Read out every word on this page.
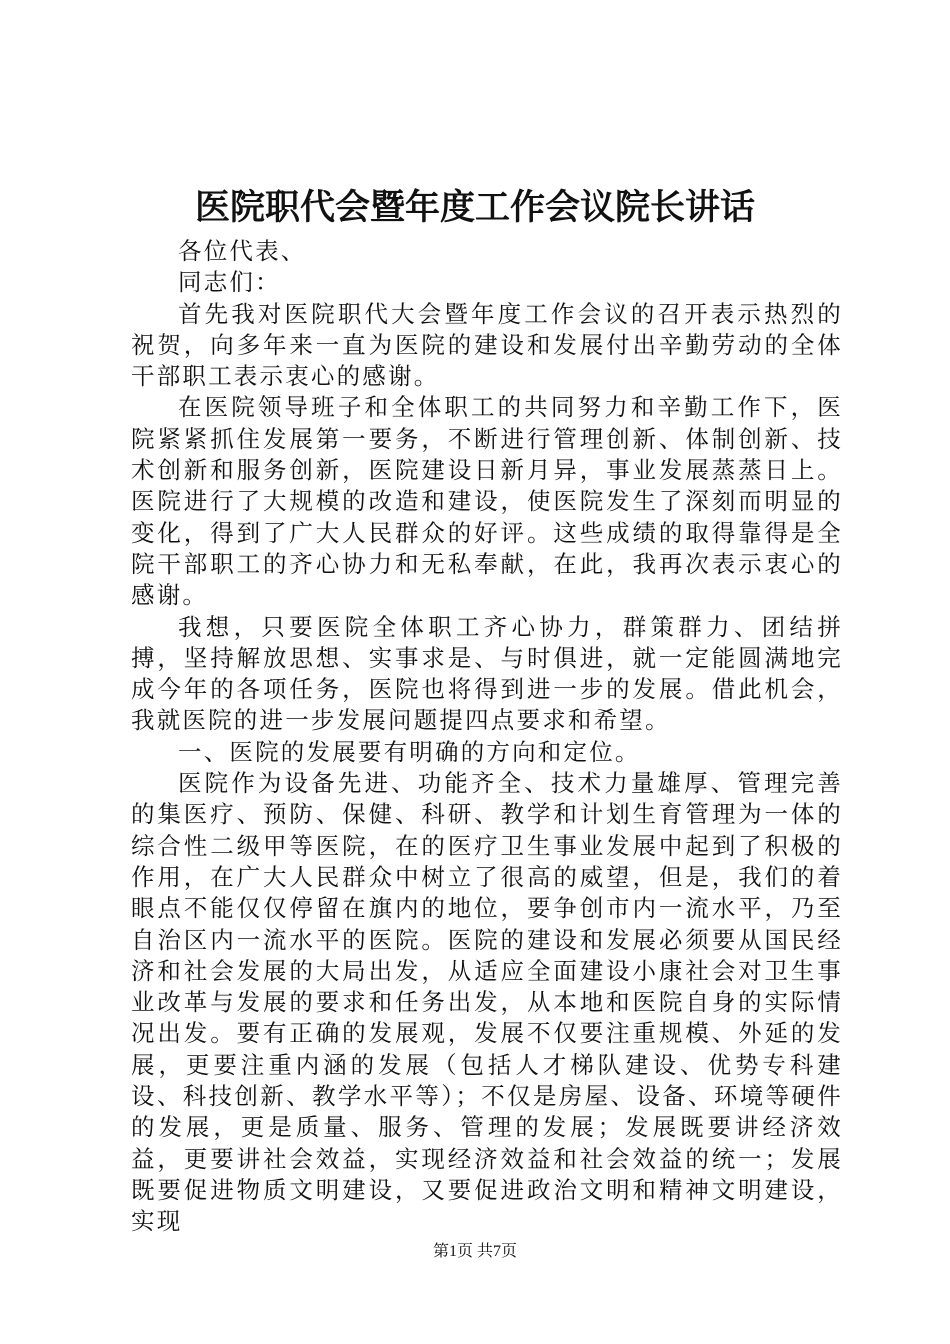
医院职代会暨年度工作会议院长讲话

各位代表、

同志们：

首先我对医院职代大会暨年度工作会议的召开表示热烈的祝贺，向多年来一直为医院的建设和发展付出辛勤劳动的全体干部职工表示衷心的感谢。

在医院领导班子和全体职工的共同努力和辛勤工作下，医院紧紧抓住发展第一要务，不断进行管理创新、体制创新、技术创新和服务创新，医院建设日新月异，事业发展蒸蒸日上。医院进行了大规模的改造和建设，使医院发生了深刻而明显的变化，得到了广大人民群众的好评。这些成绩的取得靠得是全院干部职工的齐心协力和无私奉献，在此，我再次表示衷心的感谢。

我想，只要医院全体职工齐心协力，群策群力、团结拼搏，坚持解放思想、实事求是、与时俱进，就一定能圆满地完成今年的各项任务，医院也将得到进一步的发展。借此机会，我就医院的进一步发展问题提四点要求和希望。

一、医院的发展要有明确的方向和定位。

医院作为设备先进、功能齐全、技术力量雄厚、管理完善的集医疗、预防、保健、科研、教学和计划生育管理为一体的综合性二级甲等医院，在的医疗卫生事业发展中起到了积极的作用，在广大人民群众中树立了很高的威望，但是，我们的着眼点不能仅仅停留在旗内的地位，要争创市内一流水平，乃至自治区内一流水平的医院。医院的建设和发展必须要从国民经济和社会发展的大局出发，从适应全面建设小康社会对卫生事业改革与发展的要求和任务出发，从本地和医院自身的实际情况出发。要有正确的发展观，发展不仅要注重规模、外延的发展，更要注重内涵的发展（包括人才梯队建设、优势专科建设、科技创新、教学水平等）；不仅是房屋、设备、环境等硬件的发展，更是质量、服务、管理的发展；发展既要讲经济效益，更要讲社会效益，实现经济效益和社会效益的统一；发展既要促进物质文明建设，又要促进政治文明和精神文明建设，实现

第1页 共7页
